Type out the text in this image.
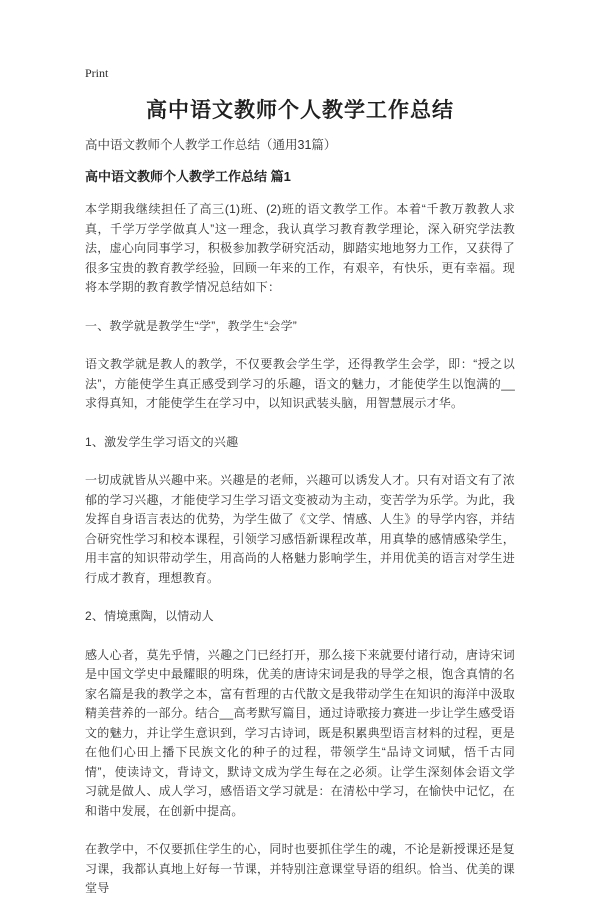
Print
高中语文教师个人教学工作总结
高中语文教师个人教学工作总结（通用31篇）
高中语文教师个人教学工作总结 篇1

本学期我继续担任了高三(1)班、(2)班的语文教学工作。本着“千教万教教人求真，千学万学学做真人”这一理念，我认真学习教育教学理论，深入研究学法教法，虚心向同事学习，积极参加教学研究活动，脚踏实地地努力工作，又获得了很多宝贵的教育教学经验，回顾一年来的工作，有艰辛，有快乐，更有幸福。现将本学期的教育教学情况总结如下：

一、教学就是教学生“学”，教学生“会学”

语文教学就是教人的教学，不仅要教会学生学，还得教学生会学，即：“授之以法”，方能使学生真正感受到学习的乐趣，语文的魅力，才能使学生以饱满的__求得真知，才能使学生在学习中，以知识武装头脑，用智慧展示才华。

1、激发学生学习语文的兴趣

一切成就皆从兴趣中来。兴趣是的老师，兴趣可以诱发人才。只有对语文有了浓郁的学习兴趣，才能使学习生学习语文变被动为主动，变苦学为乐学。为此，我发挥自身语言表达的优势，为学生做了《文学、情感、人生》的导学内容，并结合研究性学习和校本课程，引领学习感悟新课程改革，用真挚的感情感染学生，用丰富的知识带动学生，用高尚的人格魅力影响学生，并用优美的语言对学生进行成才教育，理想教育。

2、情境熏陶，以情动人

感人心者，莫先乎情，兴趣之门已经打开，那么接下来就要付诸行动，唐诗宋词是中国文学史中最耀眼的明珠，优美的唐诗宋词是我的导学之根，饱含真情的名家名篇是我的教学之本，富有哲理的古代散文是我带动学生在知识的海洋中汲取精美营养的一部分。结合__高考默写篇目，通过诗歌接力赛进一步让学生感受语文的魅力，并让学生意识到，学习古诗词，既是积累典型语言材料的过程，更是在他们心田上播下民族文化的种子的过程，带领学生“品诗文词赋，悟千古同情”，使读诗文，背诗文，默诗文成为学生每在之必须。让学生深刻体会语文学习就是做人、成人学习，感悟语文学习就是：在清松中学习，在愉快中记忆，在和谐中发展，在创新中提高。

在教学中，不仅要抓住学生的心，同时也要抓住学生的魂，不论是新授课还是复习课，我都认真地上好每一节课，并特别注意课堂导语的组织。恰当、优美的课堂导
